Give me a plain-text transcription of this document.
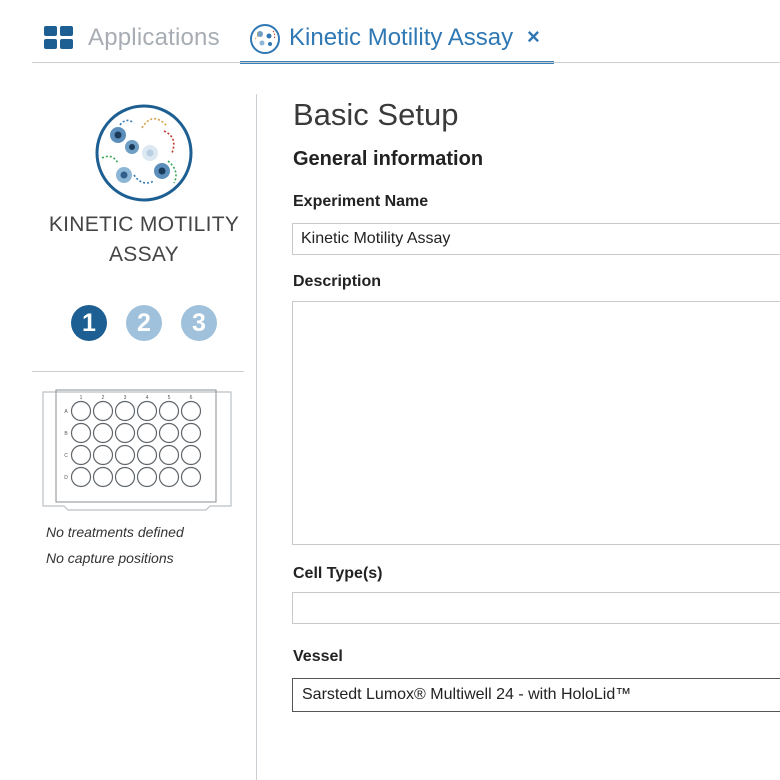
Applications	Kinetic Motility Assay ×
KINETIC MOTILITY
ASSAY
1	2	3
1	2	3	4	5	6
A
B
C
D
No treatments defined
No capture positions
Basic Setup
General information
Experiment Name
Kinetic Motility Assay
Description
Cell Type(s)
Vessel
Sarstedt Lumox® Multiwell 24 - with HoloLid™
